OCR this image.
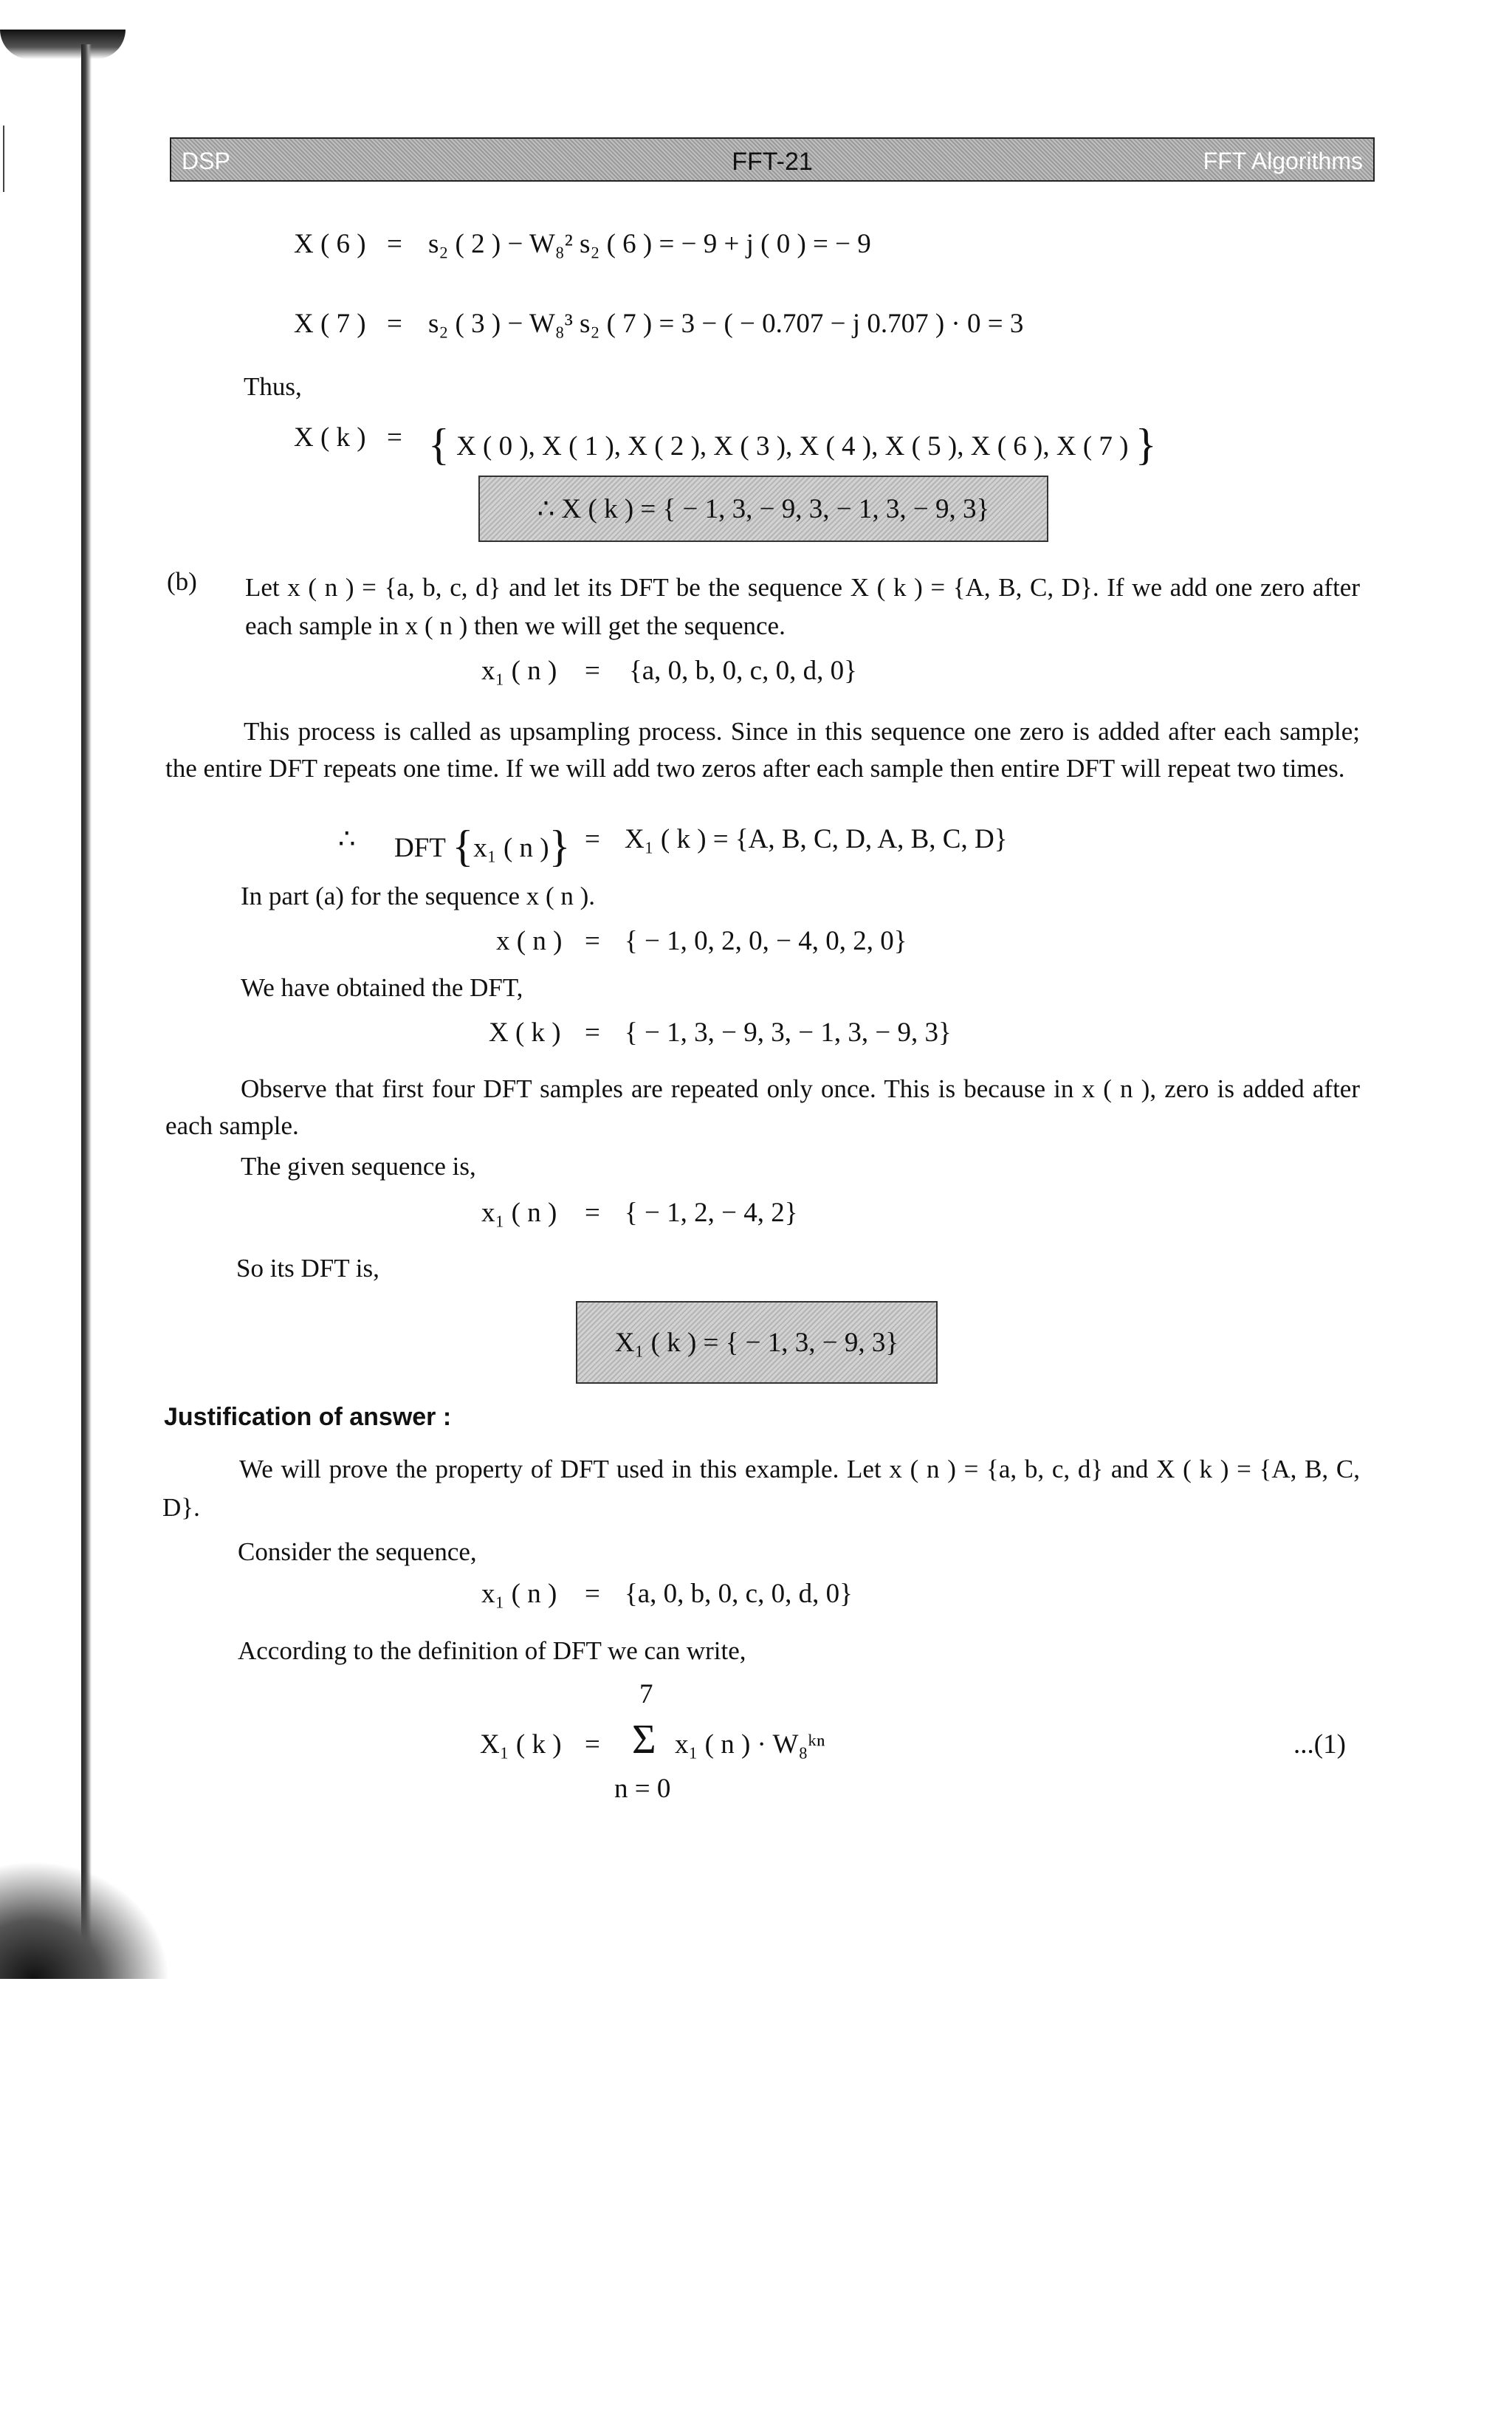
DSP	FFT-21	FFT Algorithms
X ( 6 ) = s₂ ( 2 ) − W₈² s₂ ( 6 ) = − 9 + j ( 0 ) = − 9
X ( 7 ) = s₂ ( 3 ) − W₈³ s₂ ( 7 ) = 3 − ( − 0.707 − j 0.707 ) · 0 = 3
Thus,
X ( k ) = { X ( 0 ), X ( 1 ), X ( 2 ), X ( 3 ), X ( 4 ), X ( 5 ), X ( 6 ), X ( 7 ) }
∴ X ( k ) = { − 1, 3, − 9, 3, − 1, 3, − 9, 3}
(b) Let x ( n ) = {a, b, c, d} and let its DFT be the sequence X ( k ) = {A, B, C, D}. If we add one zero after each sample in x ( n ) then we will get the sequence.
x₁ ( n ) = {a, 0, b, 0, c, 0, d, 0}
This process is called as upsampling process. Since in this sequence one zero is added after each sample; the entire DFT repeats one time. If we will add two zeros after each sample then entire DFT will repeat two times.
∴ DFT {x₁ ( n )} = X₁ ( k ) = {A, B, C, D, A, B, C, D}
In part (a) for the sequence x ( n ).
x ( n ) = { − 1, 0, 2, 0, − 4, 0, 2, 0}
We have obtained the DFT,
X ( k ) = { − 1, 3, − 9, 3, − 1, 3, − 9, 3}
Observe that first four DFT samples are repeated only once. This is because in x ( n ), zero is added after each sample.
The given sequence is,
x₁ ( n ) = { − 1, 2, − 4, 2}
So its DFT is,
X₁ ( k ) = { − 1, 3, − 9, 3}
Justification of answer :
We will prove the property of DFT used in this example. Let x ( n ) = {a, b, c, d} and X ( k ) = {A, B, C, D}.
Consider the sequence,
x₁ ( n ) = {a, 0, b, 0, c, 0, d, 0}
According to the definition of DFT we can write,
7
X₁ ( k ) = Σ x₁ ( n ) · W₈ᵏⁿ
n = 0
...(1)
